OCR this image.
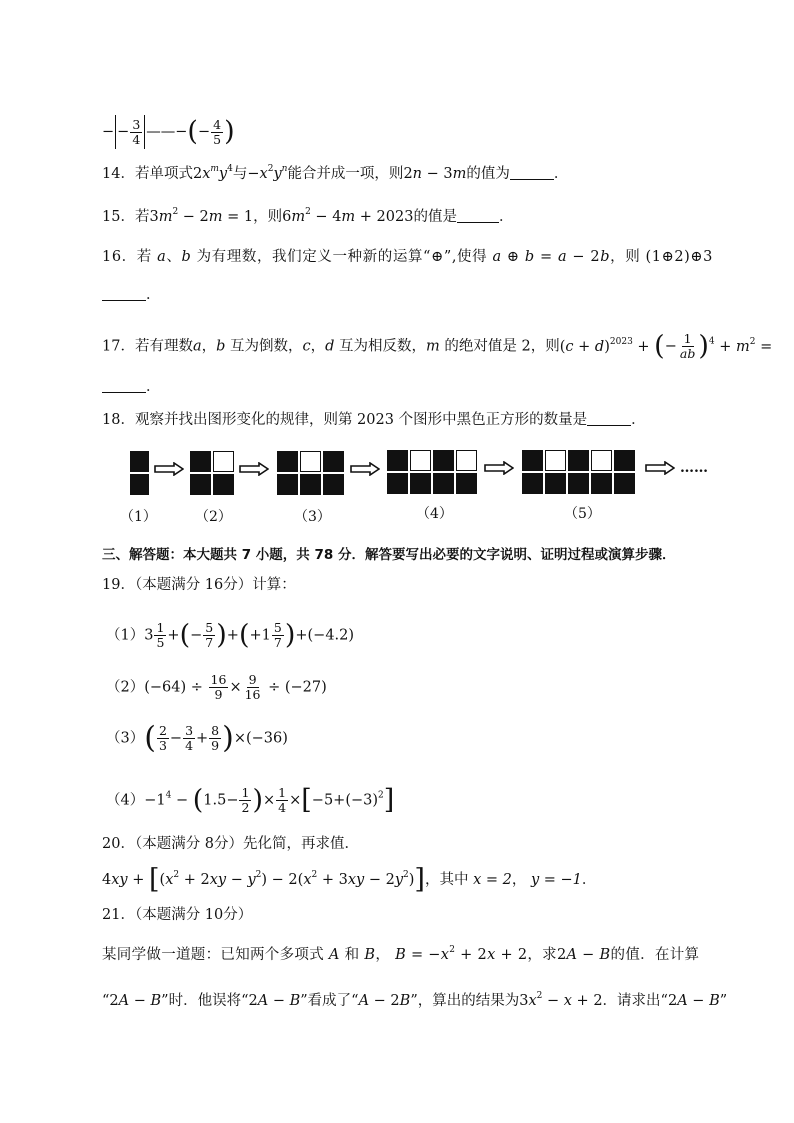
− − $\frac{3}{4}$ ——−(− $\frac{4}{5}$ )
14．若单项式$2x^my^4$与$-x^2y^n$能合并成一项，则2n − 3m的值为	．
15．若$3m^2 - 2m = 1$，则$6m^2 - 4m + 2023$的值是	．
16．若 a、b 为有理数，我们定义一种新的运算“⊕”,使得 a ⊕ b = a − 2b，则 (1⊕2)⊕3
．
17．若有理数a，b 互为倒数，c，d 互为相反数，m 的绝对值是 2，则$(c + d)^{2023}$ + (− $\frac{1}{ab} )^4 + m^2$ =
．
18．观察并找出图形变化的规律，则第 2023 个图形中黑色正方形的数量是	．
……
（1）	（2）	（3）	（4）	（5）
三、解答题：本大题共 7 小题，共 78 分．解答要写出必要的文字说明、证明过程或演算步骤．
19．（本题满分 16分）计算：
$(1)3 \frac{1}{5}$ +(− $\frac{5}{7} )+(+1 \frac{5}{7} )+(-4.2)$
$(2)(-64) \div \frac{16}{9} \times \frac{9}{16} \div (-27)$
$(3)( \frac{2}{3} - \frac{3}{4} + \frac{8}{9} )\times(-36)$
$(4)-1^4 - (1.5- \frac{1}{2}$ )× $\frac{1}{4} \times[-5+(-3)^2]$
20．（本题满分 8分）先化简，再求值．
$4xy + [(x^2 + 2xy - y^2) - 2(x^2 + 3xy - 2y^2)]$，其中 x = 2， y = −1．
21．（本题满分 10分）
某同学做一道题：已知两个多项式 A 和 B， $B = -x^2 + 2x + 2$，求2A − B的值．在计算
“2A − B”时．他误将“2A − B”看成了“A − 2B”，算出的结果为$3x^2 - x + 2$．请求出“2A − B”
